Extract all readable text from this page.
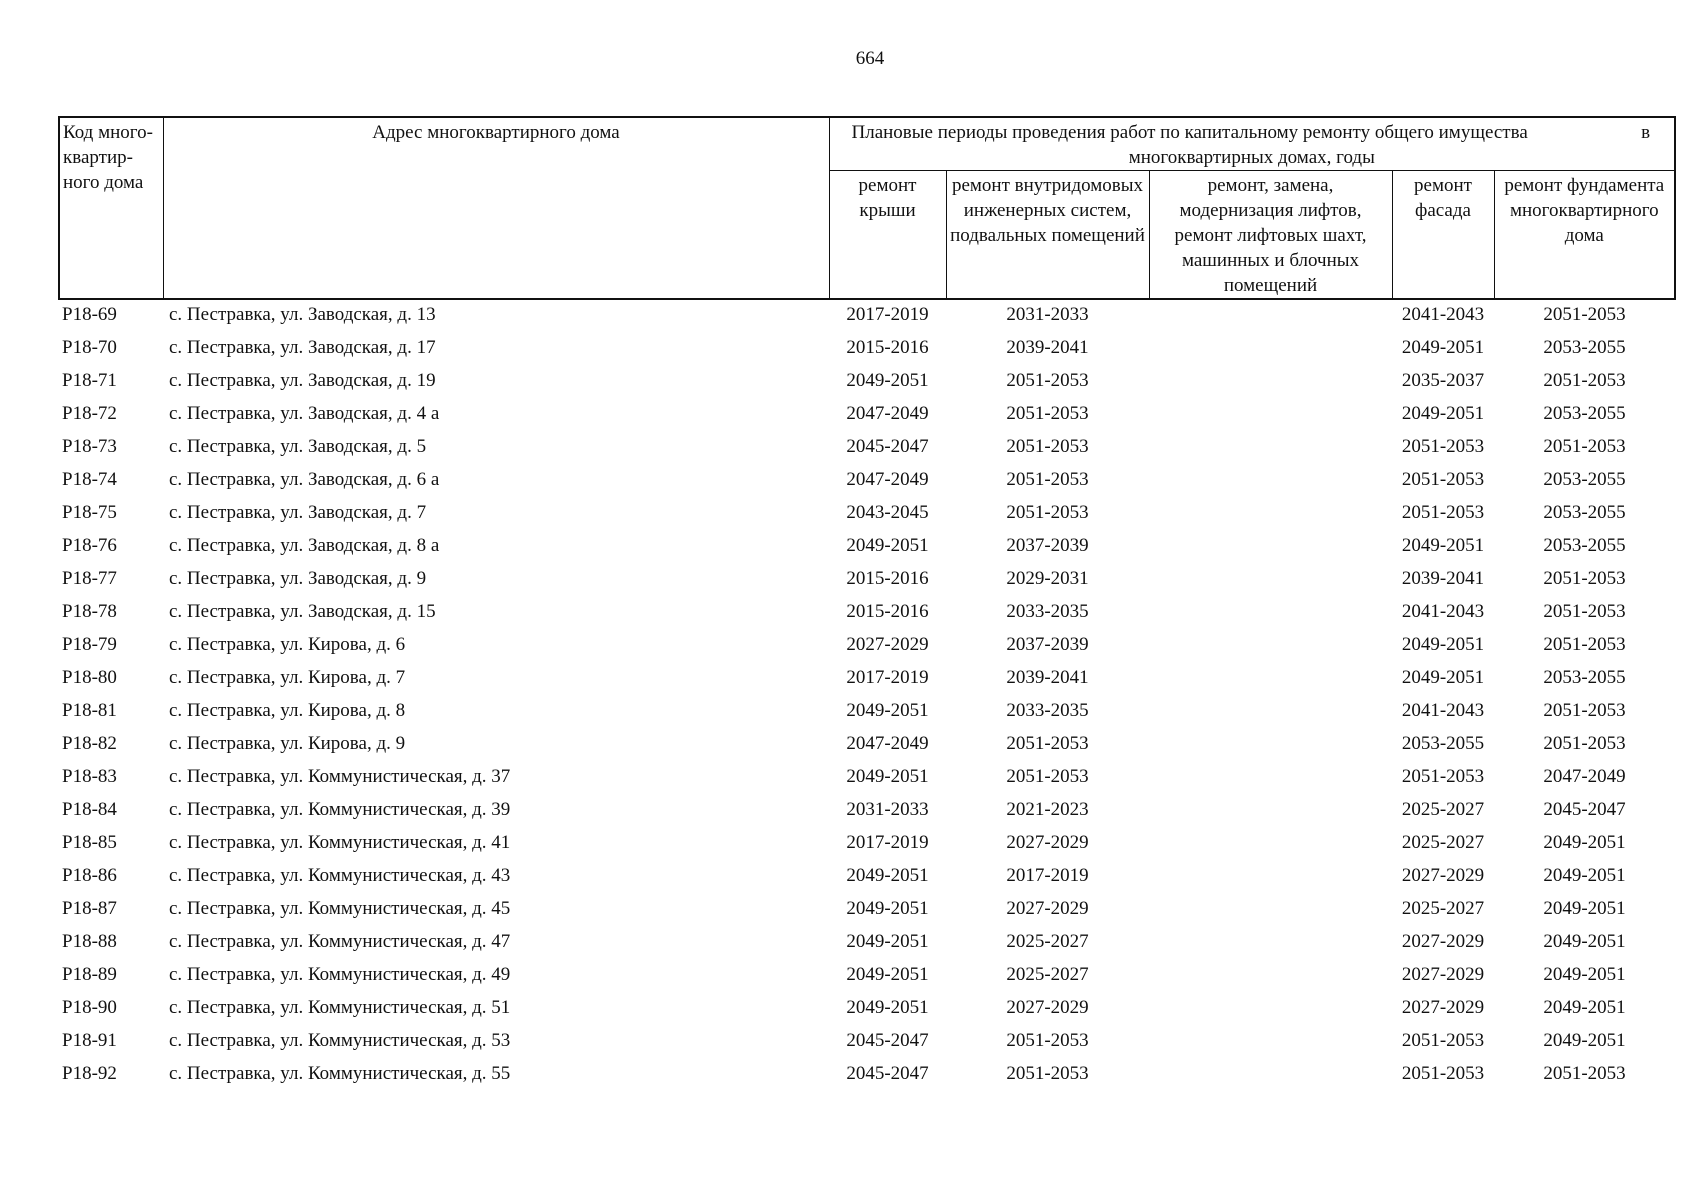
664
Код много-квартир-ного дома	Адрес многоквартирного дома	Плановые периоды проведения работ по капитальному ремонту общего имущества в
многоквартирных домах, годы				

		ремонт крыши	ремонт внутридомовых инженерных систем, подвальных помещений	ремонт, замена, модернизация лифтов, ремонт лифтовых шахт, машинных и блочных помещений	ремонт фасада	ремонт фундамента многоквартирного дома
Р18-69	с. Пестравка, ул. Заводская, д. 13	2017-2019	2031-2033		2041-2043	2051-2053
Р18-70	с. Пестравка, ул. Заводская, д. 17	2015-2016	2039-2041		2049-2051	2053-2055
Р18-71	с. Пестравка, ул. Заводская, д. 19	2049-2051	2051-2053		2035-2037	2051-2053
Р18-72	с. Пестравка, ул. Заводская, д. 4 а	2047-2049	2051-2053		2049-2051	2053-2055
Р18-73	с. Пестравка, ул. Заводская, д. 5	2045-2047	2051-2053		2051-2053	2051-2053
Р18-74	с. Пестравка, ул. Заводская, д. 6 а	2047-2049	2051-2053		2051-2053	2053-2055
Р18-75	с. Пестравка, ул. Заводская, д. 7	2043-2045	2051-2053		2051-2053	2053-2055
Р18-76	с. Пестравка, ул. Заводская, д. 8 а	2049-2051	2037-2039		2049-2051	2053-2055
Р18-77	с. Пестравка, ул. Заводская, д. 9	2015-2016	2029-2031		2039-2041	2051-2053
Р18-78	с. Пестравка, ул. Заводская, д. 15	2015-2016	2033-2035		2041-2043	2051-2053
Р18-79	с. Пестравка, ул. Кирова, д. 6	2027-2029	2037-2039		2049-2051	2051-2053
Р18-80	с. Пестравка, ул. Кирова, д. 7	2017-2019	2039-2041		2049-2051	2053-2055
Р18-81	с. Пестравка, ул. Кирова, д. 8	2049-2051	2033-2035		2041-2043	2051-2053
Р18-82	с. Пестравка, ул. Кирова, д. 9	2047-2049	2051-2053		2053-2055	2051-2053
Р18-83	с. Пестравка, ул. Коммунистическая, д. 37	2049-2051	2051-2053		2051-2053	2047-2049
Р18-84	с. Пестравка, ул. Коммунистическая, д. 39	2031-2033	2021-2023		2025-2027	2045-2047
Р18-85	с. Пестравка, ул. Коммунистическая, д. 41	2017-2019	2027-2029		2025-2027	2049-2051
Р18-86	с. Пестравка, ул. Коммунистическая, д. 43	2049-2051	2017-2019		2027-2029	2049-2051
Р18-87	с. Пестравка, ул. Коммунистическая, д. 45	2049-2051	2027-2029		2025-2027	2049-2051
Р18-88	с. Пестравка, ул. Коммунистическая, д. 47	2049-2051	2025-2027		2027-2029	2049-2051
Р18-89	с. Пестравка, ул. Коммунистическая, д. 49	2049-2051	2025-2027		2027-2029	2049-2051
Р18-90	с. Пестравка, ул. Коммунистическая, д. 51	2049-2051	2027-2029		2027-2029	2049-2051
Р18-91	с. Пестравка, ул. Коммунистическая, д. 53	2045-2047	2051-2053		2051-2053	2049-2051
Р18-92	с. Пестравка, ул. Коммунистическая, д. 55	2045-2047	2051-2053		2051-2053	2051-2053
